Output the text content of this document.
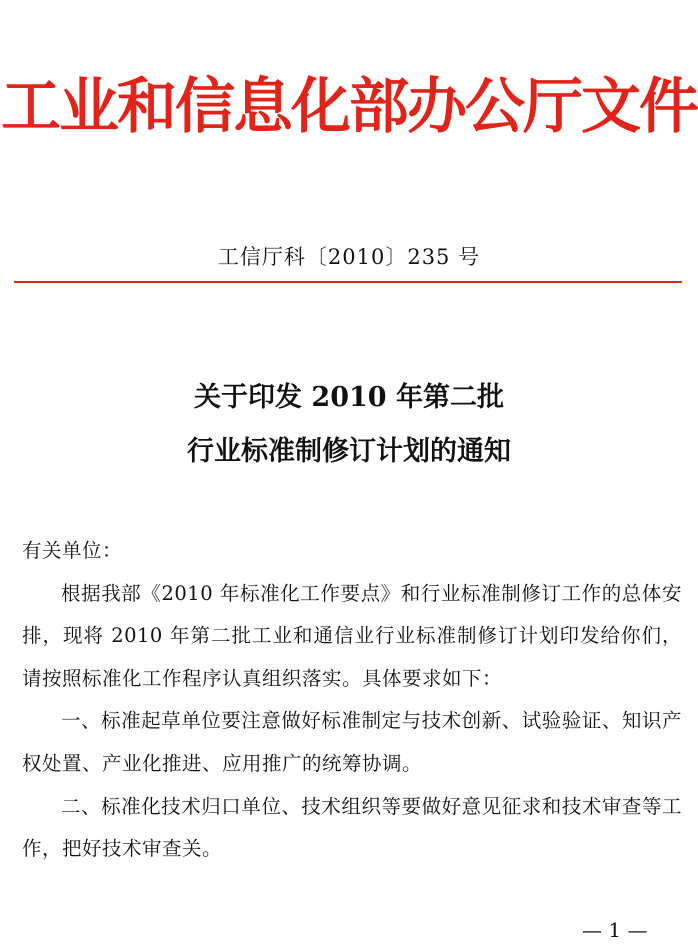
工业和信息化部办公厅文件
工信厅科〔2010〕235 号
关于印发 2010 年第二批
行业标准制修订计划的通知

有关单位：

根据我部《2010 年标准化工作要点》和行业标准制修订工作的总体安排，现将 2010 年第二批工业和通信业行业标准制修订计划印发给你们，请按照标准化工作程序认真组织落实。具体要求如下：

一、标准起草单位要注意做好标准制定与技术创新、试验验证、知识产权处置、产业化推进、应用推广的统筹协调。

二、标准化技术归口单位、技术组织等要做好意见征求和技术审查等工作，把好技术审查关。

— 1 —
